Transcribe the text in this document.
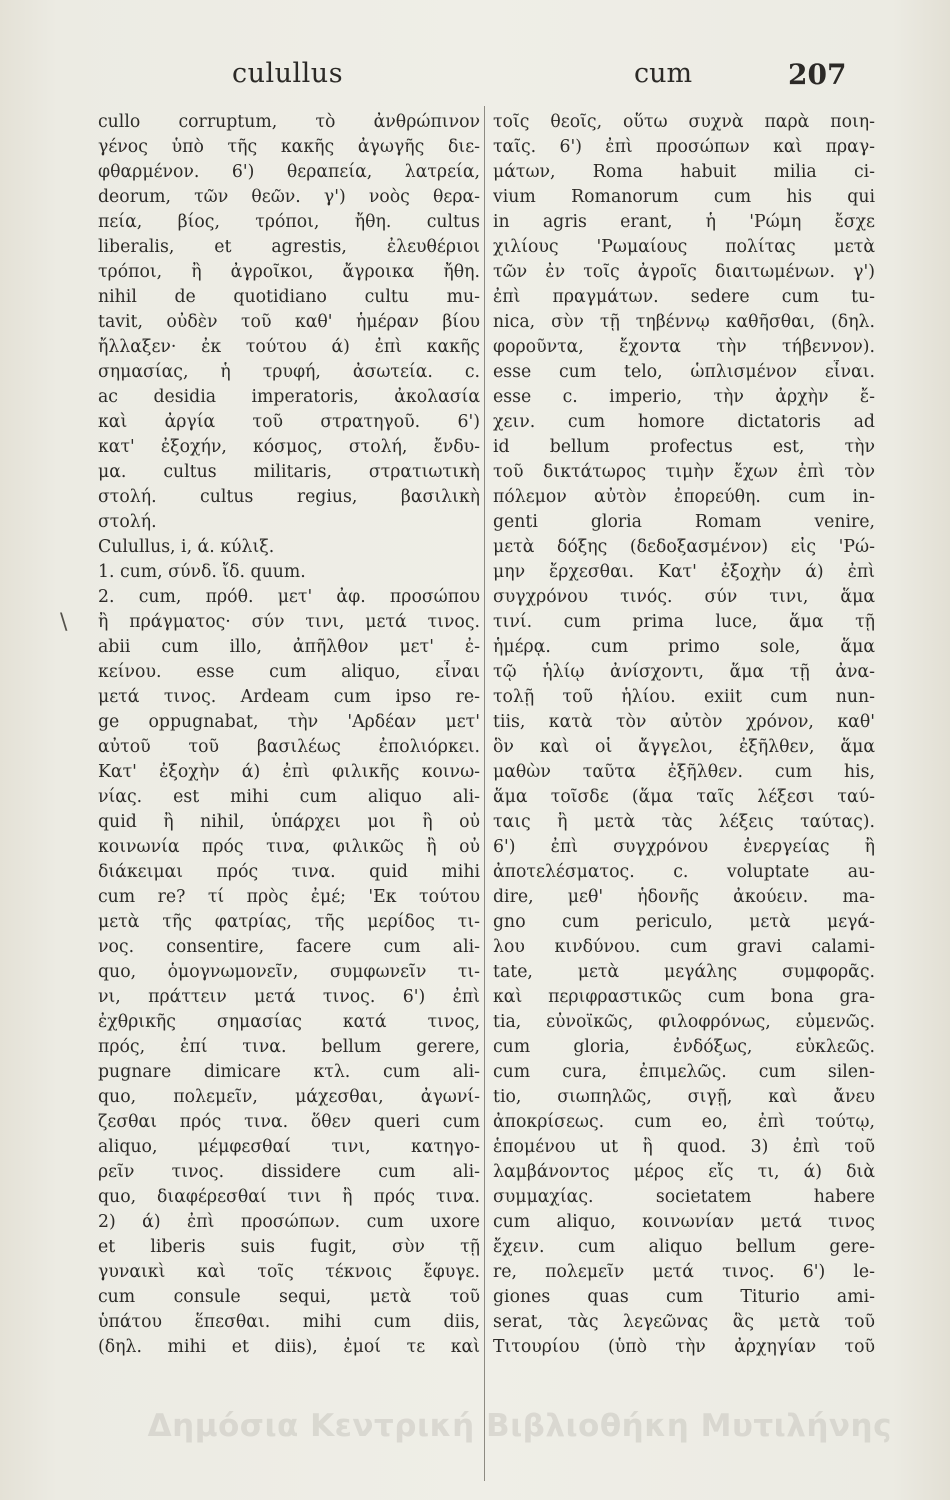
culullus	cum	207
\
cullo corruptum, τὸ ἀνθρώπινον
γένος ὑπὸ τῆς κακῆς ἀγωγῆς διε-
φθαρμένον. 6') θεραπεία, λατρεία,
deorum, τῶν θεῶν. γ') νοὸς θερα-
πεία, βίος, τρόποι, ἤθη. cultus
liberalis, et agrestis, ἐλευθέριοι
τρόποι, ἢ ἀγροῖκοι, ἄγροικα ἤθη.
nihil de quotidiano cultu mu-
tavit, οὐδὲν τοῦ καθ' ἡμέραν βίου
ἤλλαξεν· ἐκ τούτου ά) ἐπὶ κακῆς
σημασίας, ἡ τρυφή, ἀσωτεία. c.
ac desidia imperatoris, ἀκολασία
καὶ ἀργία τοῦ στρατηγοῦ. 6')
κατ' ἐξοχήν, κόσμος, στολή, ἔνδυ-
μα. cultus militaris, στρατιωτικὴ
στολή. cultus regius, βασιλικὴ
στολή.
Culullus, i, ά. κύλιξ.
1. cum, σύνδ. ἴδ. quum.
2. cum, πρόθ. μετ' ἀφ. προσώπου
ἢ πράγματος· σύν τινι, μετά τινος.
abii cum illo, ἀπῆλθον μετ' ἐ-
κείνου. esse cum aliquo, εἶναι
μετά τινος. Ardeam cum ipso re-
ge oppugnabat, τὴν 'Αρδέαν μετ'
αὐτοῦ τοῦ βασιλέως ἐπολιόρκει.
Κατ' ἐξοχὴν ά) ἐπὶ φιλικῆς κοινω-
νίας. est mihi cum aliquo ali-
quid ἢ nihil, ὑπάρχει μοι ἢ οὐ
κοινωνία πρός τινα, φιλικῶς ἢ οὐ
διάκειμαι πρός τινα. quid mihi
cum re? τί πρὸς ἐμέ; 'Εκ τούτου
μετὰ τῆς φατρίας, τῆς μερίδος τι-
νος. consentire, facere cum ali-
quo, ὁμογνωμονεῖν, συμφωνεῖν τι-
νι, πράττειν μετά τινος. 6') ἐπὶ
ἐχθρικῆς σημασίας κατά τινος,
πρός, ἐπί τινα. bellum gerere,
pugnare dimicare κτλ. cum ali-
quo, πολεμεῖν, μάχεσθαι, ἀγωνί-
ζεσθαι πρός τινα. ὅθεν queri cum
aliquo, μέμφεσθαί τινι, κατηγο-
ρεῖν τινος. dissidere cum ali-
quo, διαφέρεσθαί τινι ἢ πρός τινα.
2) ά) ἐπὶ προσώπων. cum uxore
et liberis suis fugit, σὺν τῇ
γυναικὶ καὶ τοῖς τέκνοις ἔφυγε.
cum consule sequi, μετὰ τοῦ
ὑπάτου ἕπεσθαι. mihi cum diis,
(δηλ. mihi et diis), ἐμοί τε καὶ
τοῖς θεοῖς, οὕτω συχνὰ παρὰ ποιη-
ταῖς. 6') ἐπὶ προσώπων καὶ πραγ-
μάτων, Roma habuit milia ci-
vium Romanorum cum his qui
in agris erant, ἡ 'Ρώμη ἔσχε
χιλίους 'Ρωμαίους πολίτας μετὰ
τῶν ἐν τοῖς ἀγροῖς διαιτωμένων. γ')
ἐπὶ πραγμάτων. sedere cum tu-
nica, σὺν τῇ τηβέννῳ καθῆσθαι, (δηλ.
φοροῦντα, ἔχοντα τὴν τήβεννον).
esse cum telo, ὡπλισμένον εἶναι.
esse c. imperio, τὴν ἀρχὴν ἔ-
χειν. cum homore dictatoris ad
id bellum profectus est, τὴν
τοῦ δικτάτωρος τιμὴν ἔχων ἐπὶ τὸν
πόλεμον αὐτὸν ἐπορεύθη. cum in-
genti gloria Romam venire,
μετὰ δόξης (δεδοξασμένον) εἰς 'Ρώ-
μην ἔρχεσθαι. Κατ' ἐξοχὴν ά) ἐπὶ
συγχρόνου τινός. σύν τινι, ἅμα
τινί. cum prima luce, ἅμα τῇ
ἡμέρᾳ. cum primo sole, ἅμα
τῷ ἡλίῳ ἀνίσχοντι, ἅμα τῇ ἀνα-
τολῇ τοῦ ἡλίου. exiit cum nun-
tiis, κατὰ τὸν αὐτὸν χρόνον, καθ'
ὃν καὶ οἱ ἄγγελοι, ἐξῆλθεν, ἅμα
μαθὼν ταῦτα ἐξῆλθεν. cum his,
ἅμα τοῖσδε (ἅμα ταῖς λέξεσι ταύ-
ταις ἢ μετὰ τὰς λέξεις ταύτας).
6') ἐπὶ συγχρόνου ἐνεργείας ἢ
ἀποτελέσματος. c. voluptate au-
dire, μεθ' ἡδονῆς ἀκούειν. ma-
gno cum periculo, μετὰ μεγά-
λου κινδύνου. cum gravi calami-
tate, μετὰ μεγάλης συμφορᾶς.
καὶ περιφραστικῶς cum bona gra-
tia, εὐνοϊκῶς, φιλοφρόνως, εὐμενῶς.
cum gloria, ἐνδόξως, εὐκλεῶς.
cum cura, ἐπιμελῶς. cum silen-
tio, σιωπηλῶς, σιγῇ, καὶ ἄνευ
ἀποκρίσεως. cum eo, ἐπὶ τούτῳ,
ἑπομένου ut ἢ quod. 3) ἐπὶ τοῦ
λαμβάνοντος μέρος εἴς τι, ά) διὰ
συμμαχίας. societatem habere
cum aliquo, κοινωνίαν μετά τινος
ἔχειν. cum aliquo bellum gere-
re, πολεμεῖν μετά τινος. 6') le-
giones quas cum Titurio ami-
serat, τὰς λεγεῶνας ἃς μετὰ τοῦ
Τιτουρίου (ὑπὸ τὴν ἀρχηγίαν τοῦ
Δημόσια Κεντρική Βιβλιοθήκη Μυτιλήνης
